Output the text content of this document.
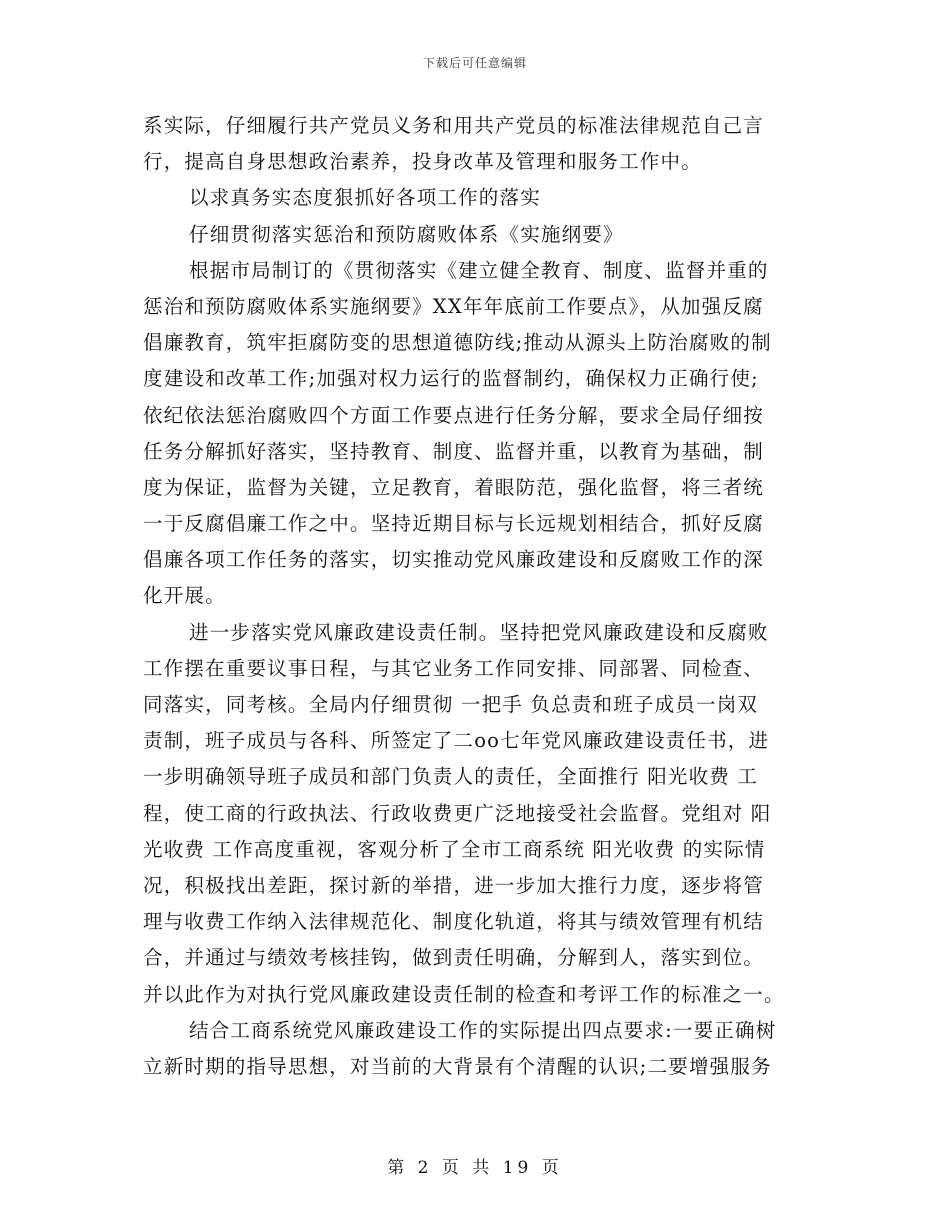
下载后可任意编辑
系实际，仔细履行共产党员义务和用共产党员的标准法律规范自己言
行，提高自身思想政治素养，投身改革及管理和服务工作中。
以求真务实态度狠抓好各项工作的落实
仔细贯彻落实惩治和预防腐败体系《实施纲要》
根据市局制订的《贯彻落实《建立健全教育、制度、监督并重的
惩治和预防腐败体系实施纲要》XX年年底前工作要点》，从加强反腐
倡廉教育，筑牢拒腐防变的思想道德防线;推动从源头上防治腐败的制
度建设和改革工作;加强对权力运行的监督制约，确保权力正确行使;
依纪依法惩治腐败四个方面工作要点进行任务分解，要求全局仔细按
任务分解抓好落实，坚持教育、制度、监督并重，以教育为基础，制
度为保证，监督为关键，立足教育，着眼防范，强化监督，将三者统
一于反腐倡廉工作之中。坚持近期目标与长远规划相结合，抓好反腐
倡廉各项工作任务的落实，切实推动党风廉政建设和反腐败工作的深
化开展。
进一步落实党风廉政建设责任制。坚持把党风廉政建设和反腐败
工作摆在重要议事日程，与其它业务工作同安排、同部署、同检查、
同落实，同考核。全局内仔细贯彻 一把手 负总责和班子成员一岗双
责制，班子成员与各科、所签定了二oo七年党风廉政建设责任书，进
一步明确领导班子成员和部门负责人的责任，全面推行 阳光收费 工
程，使工商的行政执法、行政收费更广泛地接受社会监督。党组对 阳
光收费 工作高度重视，客观分析了全市工商系统 阳光收费 的实际情
况，积极找出差距，探讨新的举措，进一步加大推行力度，逐步将管
理与收费工作纳入法律规范化、制度化轨道，将其与绩效管理有机结
合，并通过与绩效考核挂钩，做到责任明确，分解到人，落实到位。
并以此作为对执行党风廉政建设责任制的检查和考评工作的标准之一。
结合工商系统党风廉政建设工作的实际提出四点要求:一要正确树
立新时期的指导思想，对当前的大背景有个清醒的认识;二要增强服务
第 2 页 共 19 页
